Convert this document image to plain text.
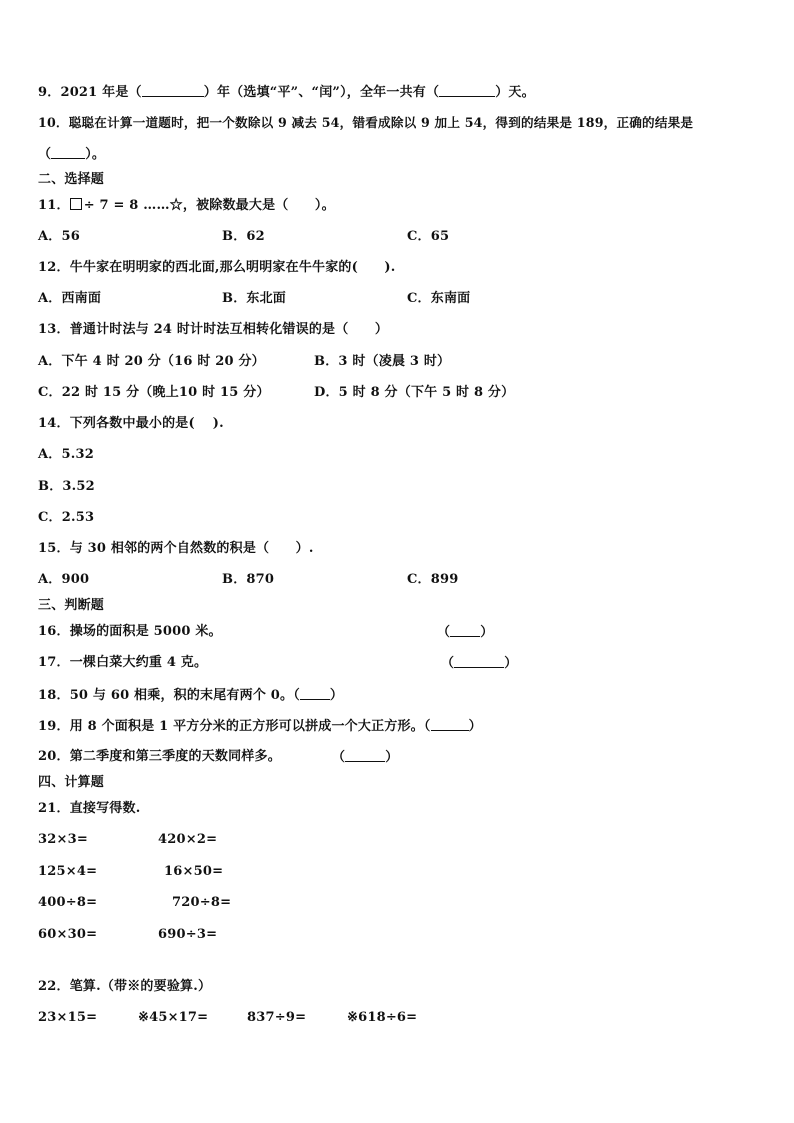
9．2021 年是（	）年（选填“平”、“闰”），全年一共有（	）天。
10．聪聪在计算一道题时，把一个数除以 9 减去 54，错看成除以 9 加上 54，得到的结果是 189，正确的结果是
（	）。
二、选择题
11． ÷ 7 = 8 ……☆，被除数最大是（　　）。
A．56	B．62	C．65
12．牛牛家在明明家的西北面,那么明明家在牛牛家的(　　).
A．西南面	B．东北面	C．东南面
13．普通计时法与 24 时计时法互相转化错误的是（　　）
A．下午 4 时 20 分（16 时 20 分）	B．3 时（凌晨 3 时）
C．22 时 15 分（晚上10 时 15 分）	D．5 时 8 分（下午 5 时 8 分）
14．下列各数中最小的是(　 ).
A．5.32
B．3.52
C．2.53
15．与 30 相邻的两个自然数的积是（　　）.
A．900	B．870	C．899
三、判断题
16．操场的面积是 5000 米。	（ ）
17．一棵白菜大约重 4 克。	（	）
18．50 与 60 相乘，积的末尾有两个 0。（ ）
19．用 8 个面积是 1 平方分米的正方形可以拼成一个大正方形。（	）
20．第二季度和第三季度的天数同样多。	（	）
四、计算题
21．直接写得数.
32×3=	420×2=
125×4=	16×50=
400÷8=	720÷8=
60×30=	690÷3=
22．笔算.（带※的要验算.）
23×15=	※45×17=	837÷9=	※618÷6=
